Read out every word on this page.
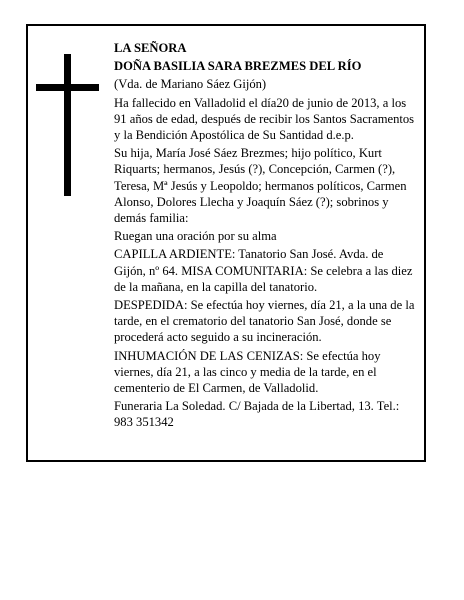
LA SEÑORA

DOÑA BASILIA SARA BREZMES DEL RÍO

(Vda. de Mariano Sáez Gijón)

Ha fallecido en Valladolid el día20 de junio de 2013, a los 91 años de edad, después de recibir los Santos Sacramentos y la Bendición Apostólica de Su Santidad d.e.p.

Su hija, María José Sáez Brezmes; hijo político, Kurt Riquarts; hermanos, Jesús (?), Concepción, Carmen (?), Teresa, Mª Jesús y Leopoldo; hermanos políticos, Carmen Alonso, Dolores Llecha y Joaquín Sáez (?); sobrinos y demás familia:

Ruegan una oración por su alma

CAPILLA ARDIENTE: Tanatorio San José. Avda. de Gijón, nº 64. MISA COMUNITARIA: Se celebra a las diez de la mañana, en la capilla del tanatorio.

DESPEDIDA: Se efectúa hoy viernes, día 21, a la una de la tarde, en el crematorio del tanatorio San José, donde se procederá acto seguido a su incineración.

INHUMACIÓN DE LAS CENIZAS: Se efectúa hoy viernes, día 21, a las cinco y media de la tarde, en el cementerio de El Carmen, de Valladolid.

Funeraria La Soledad. C/ Bajada de la Libertad, 13. Tel.: 983 351342
